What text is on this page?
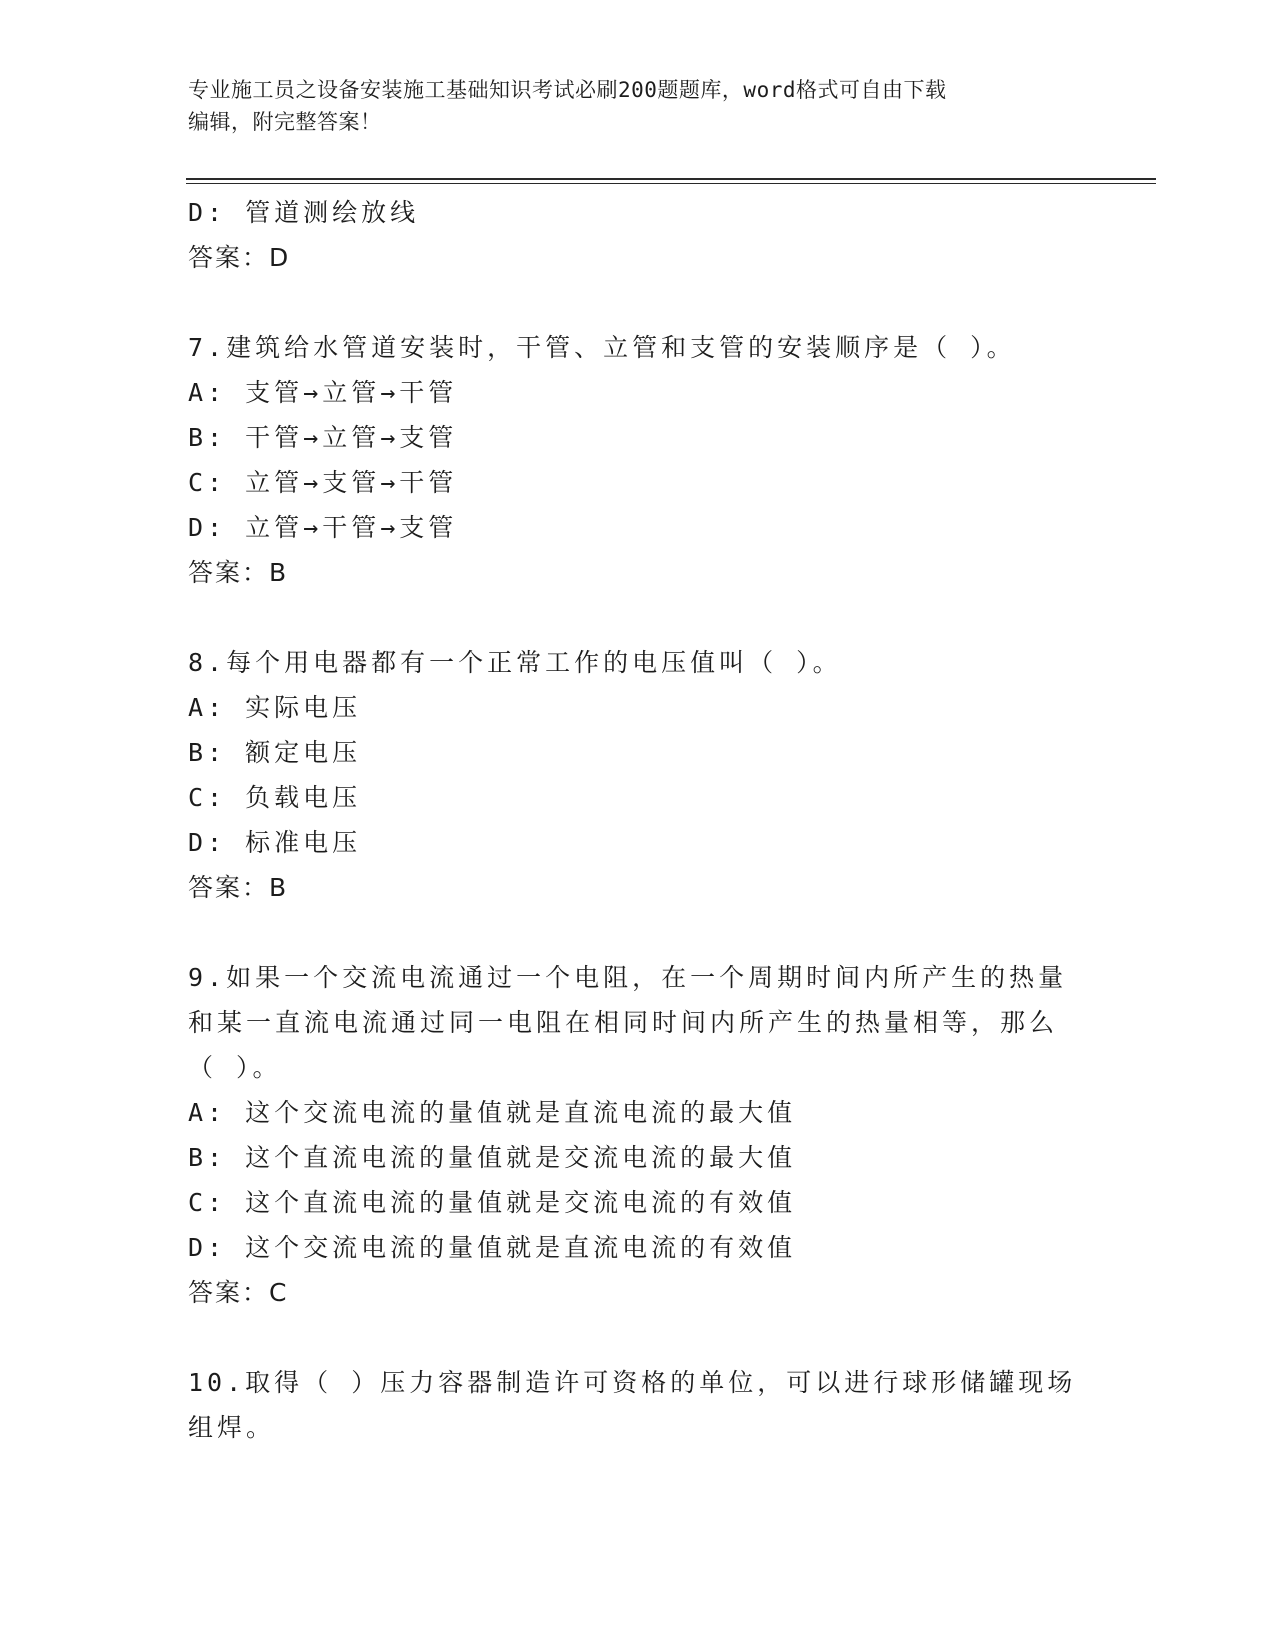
专业施工员之设备安装施工基础知识考试必刷200题题库，word格式可自由下载
编辑，附完整答案！
D: 管道测绘放线
答案：D
7.建筑给水管道安装时，干管、立管和支管的安装顺序是（ ）。
A: 支管→立管→干管
B: 干管→立管→支管
C: 立管→支管→干管
D: 立管→干管→支管
答案：B
8.每个用电器都有一个正常工作的电压值叫（ ）。
A: 实际电压
B: 额定电压
C: 负载电压
D: 标准电压
答案：B
9.如果一个交流电流通过一个电阻，在一个周期时间内所产生的热量
和某一直流电流通过同一电阻在相同时间内所产生的热量相等，那么
（ ）。
A: 这个交流电流的量值就是直流电流的最大值
B: 这个直流电流的量值就是交流电流的最大值
C: 这个直流电流的量值就是交流电流的有效值
D: 这个交流电流的量值就是直流电流的有效值
答案：C
10.取得（ ）压力容器制造许可资格的单位，可以进行球形储罐现场
组焊。
